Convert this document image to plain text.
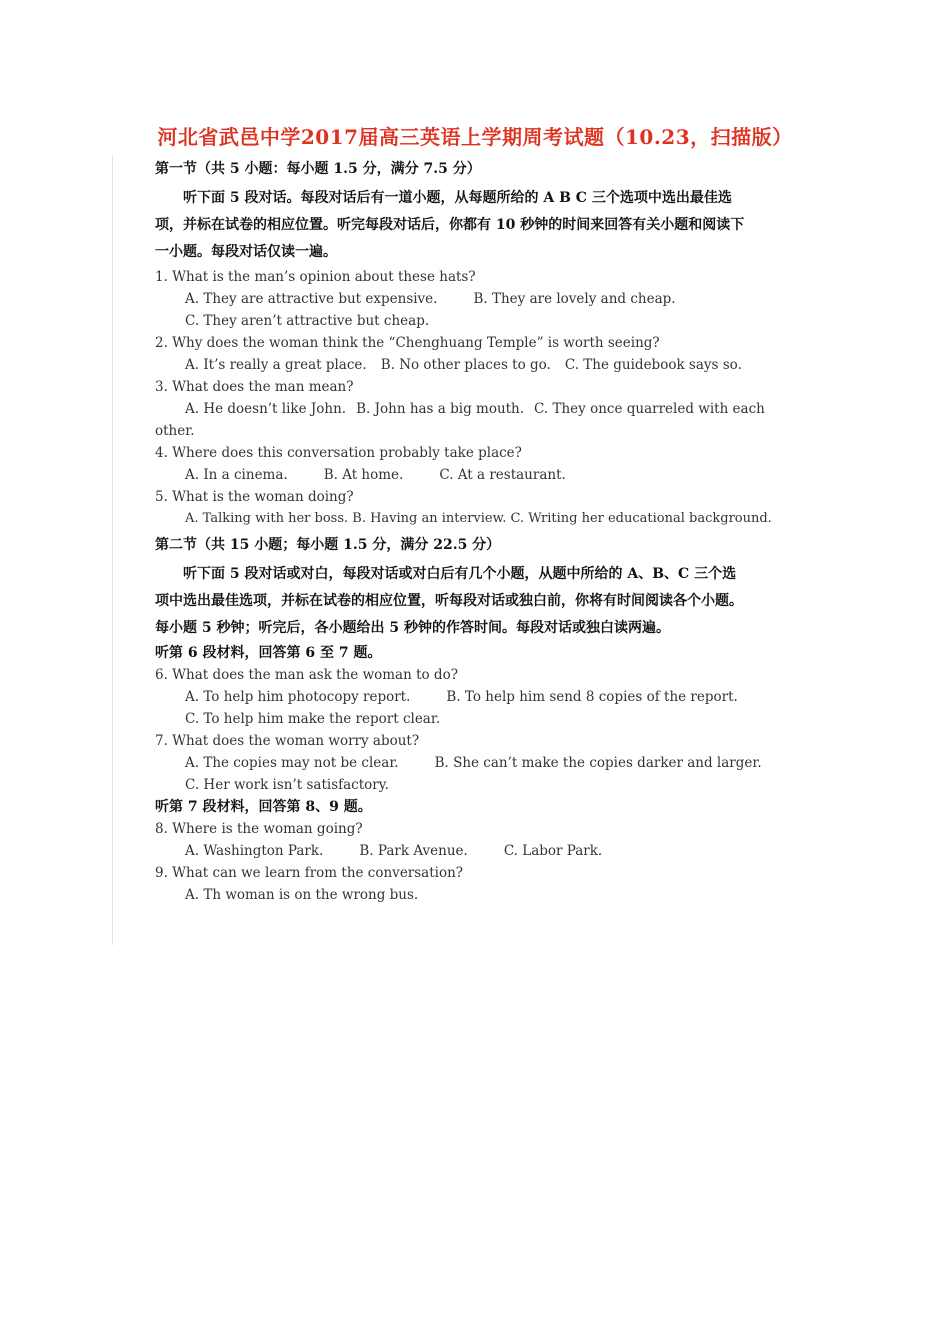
河北省武邑中学2017届高三英语上学期周考试题（10.23，扫描版）
第一节（共 5 小题：每小题 1.5 分，满分 7.5 分）
听下面 5 段对话。每段对话后有一道小题，从每题所给的 A B C 三个选项中选出最佳选项，并标在试卷的相应位置。听完每段对话后，你都有 10 秒钟的时间来回答有关小题和阅读下一小题。每段对话仅读一遍。
1. What is the man’s opinion about these hats?
A. They are attractive but expensive.	B. They are lovely and cheap.
C. They aren’t attractive but cheap.
2. Why does the woman think the “Chenghuang Temple” is worth seeing?
A. It’s really a great place. B. No other places to go. C. The guidebook says so.
3. What does the man mean?
A. He doesn’t like John. B. John has a big mouth. C. They once quarreled with each
other.
4. Where does this conversation probably take place?
A. In a cinema.	B. At home.	C. At a restaurant.
5. What is the woman doing?
A. Talking with her boss. B. Having an interview. C. Writing her educational background.
第二节（共 15 小题；每小题 1.5 分，满分 22.5 分）
听下面 5 段对话或对白，每段对话或对白后有几个小题，从题中所给的 A、B、C 三个选项中选出最佳选项，并标在试卷的相应位置，听每段对话或独白前，你将有时间阅读各个小题。每小题 5 秒钟；听完后，各小题给出 5 秒钟的作答时间。每段对话或独白读两遍。
听第 6 段材料，回答第 6 至 7 题。
6. What does the man ask the woman to do?
A. To help him photocopy report.	B. To help him send 8 copies of the report.
C. To help him make the report clear.
7. What does the woman worry about?
A. The copies may not be clear.	B. She can’t make the copies darker and larger.
C. Her work isn’t satisfactory.
听第 7 段材料，回答第 8、9 题。
8. Where is the woman going?
A. Washington Park.	B. Park Avenue.	C. Labor Park.
9. What can we learn from the conversation?
A. Th woman is on the wrong bus.
